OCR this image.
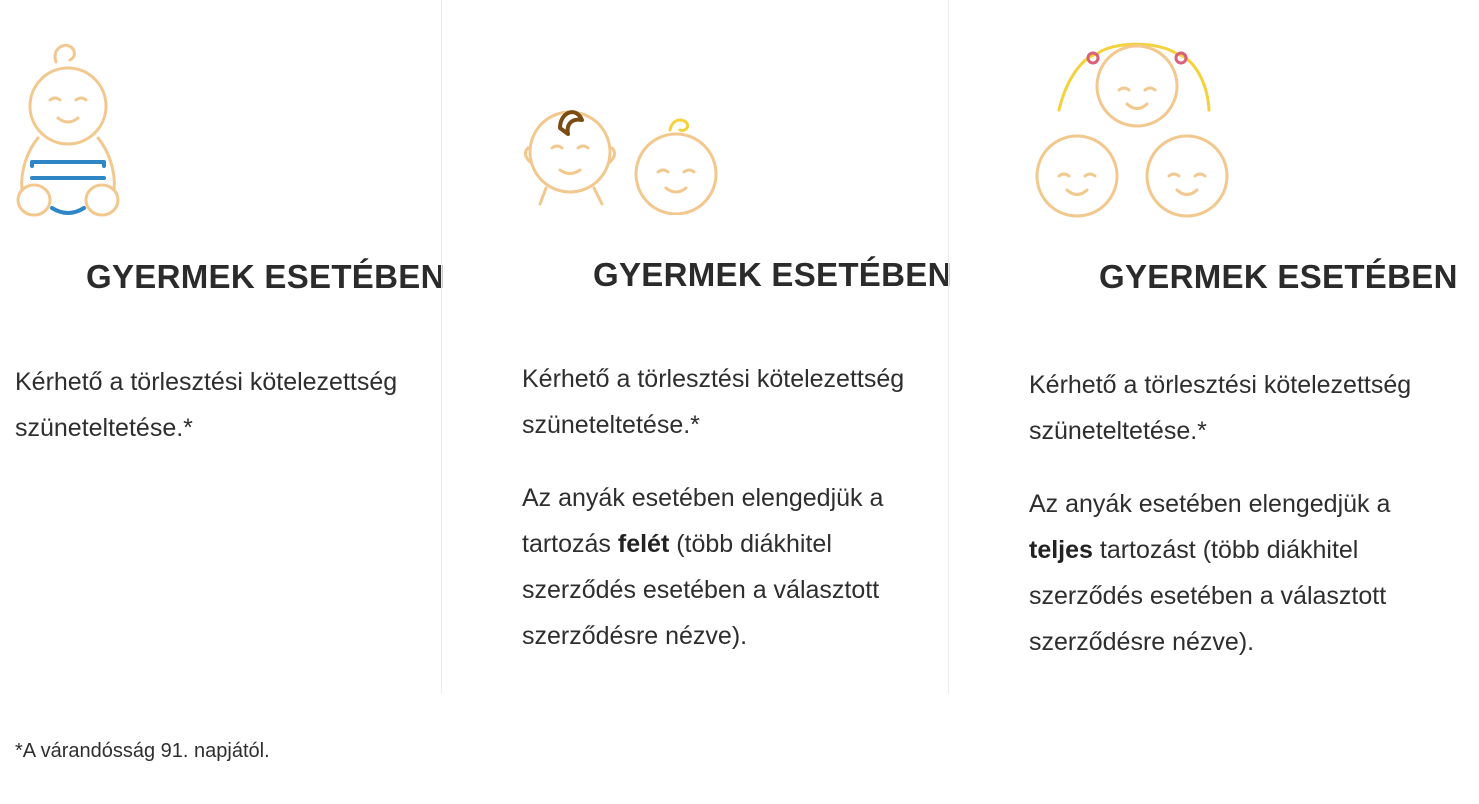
GYERMEK ESETÉBEN

Kérhető a törlesztési kötelezettség
szüneteltetése.*

GYERMEK ESETÉBEN

Kérhető a törlesztési kötelezettség
szüneteltetése.*

Az anyák esetében elengedjük a
tartozás felét (több diákhitel
szerződés esetében a választott
szerződésre nézve).

GYERMEK ESETÉBEN

Kérhető a törlesztési kötelezettség
szüneteltetése.*

Az anyák esetében elengedjük a
teljes tartozást (több diákhitel
szerződés esetében a választott
szerződésre nézve).

*A várandósság 91. napjától.
